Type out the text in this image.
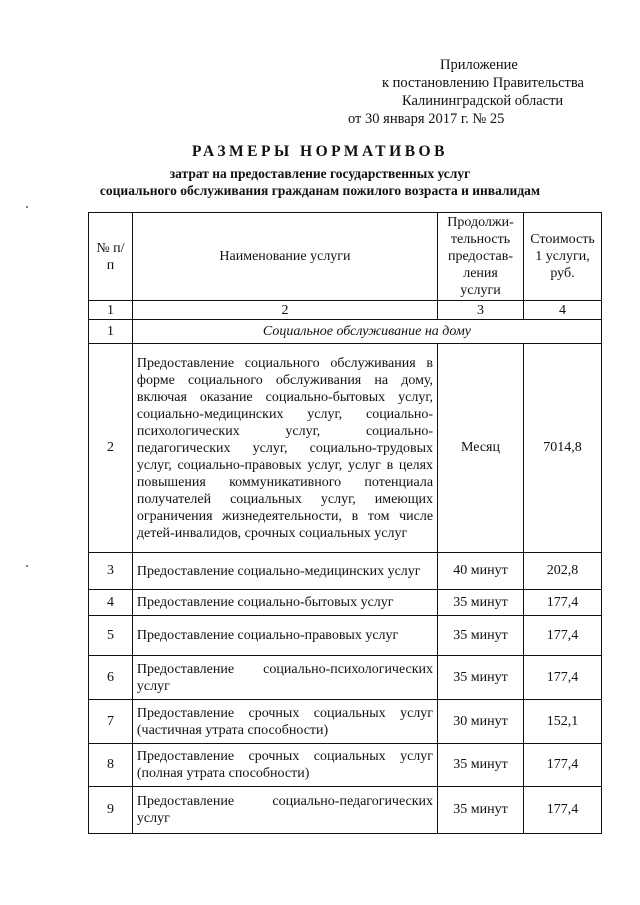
Приложение
к постановлению Правительства
Калининградской области
от 30 января 2017 г. № 25
РАЗМЕРЫ НОРМАТИВОВ
затрат на предоставление государственных услуг
социального обслуживания гражданам пожилого возраста и инвалидам
№ п/п	Наименование услуги	Продолжи-тельность предостав-ления услуги	Стоимость 1 услуги, руб.
1	2	3	4
1	Социальное обслуживание на дому		
2	Предоставление социального обслуживания в форме социального обслуживания на дому, включая оказание социально-бытовых услуг, социально-медицинских услуг, социально-психологических услуг, социально-педагогических услуг, социально-трудовых услуг, социально-правовых услуг, услуг в целях повышения коммуникативного потенциала получателей социальных услуг, имеющих ограничения жизнедеятельности, в том числе детей-инвалидов, срочных социальных услуг	Месяц	7014,8
3	Предоставление социально-медицинских услуг	40 минут	202,8
4	Предоставление социально-бытовых услуг	35 минут	177,4
5	Предоставление социально-правовых услуг	35 минут	177,4
6	Предоставление социально-психологических услуг	35 минут	177,4
7	Предоставление срочных социальных услуг (частичная утрата способности)	30 минут	152,1
8	Предоставление срочных социальных услуг (полная утрата способности)	35 минут	177,4
9	Предоставление социально-педагогических услуг	35 минут	177,4
